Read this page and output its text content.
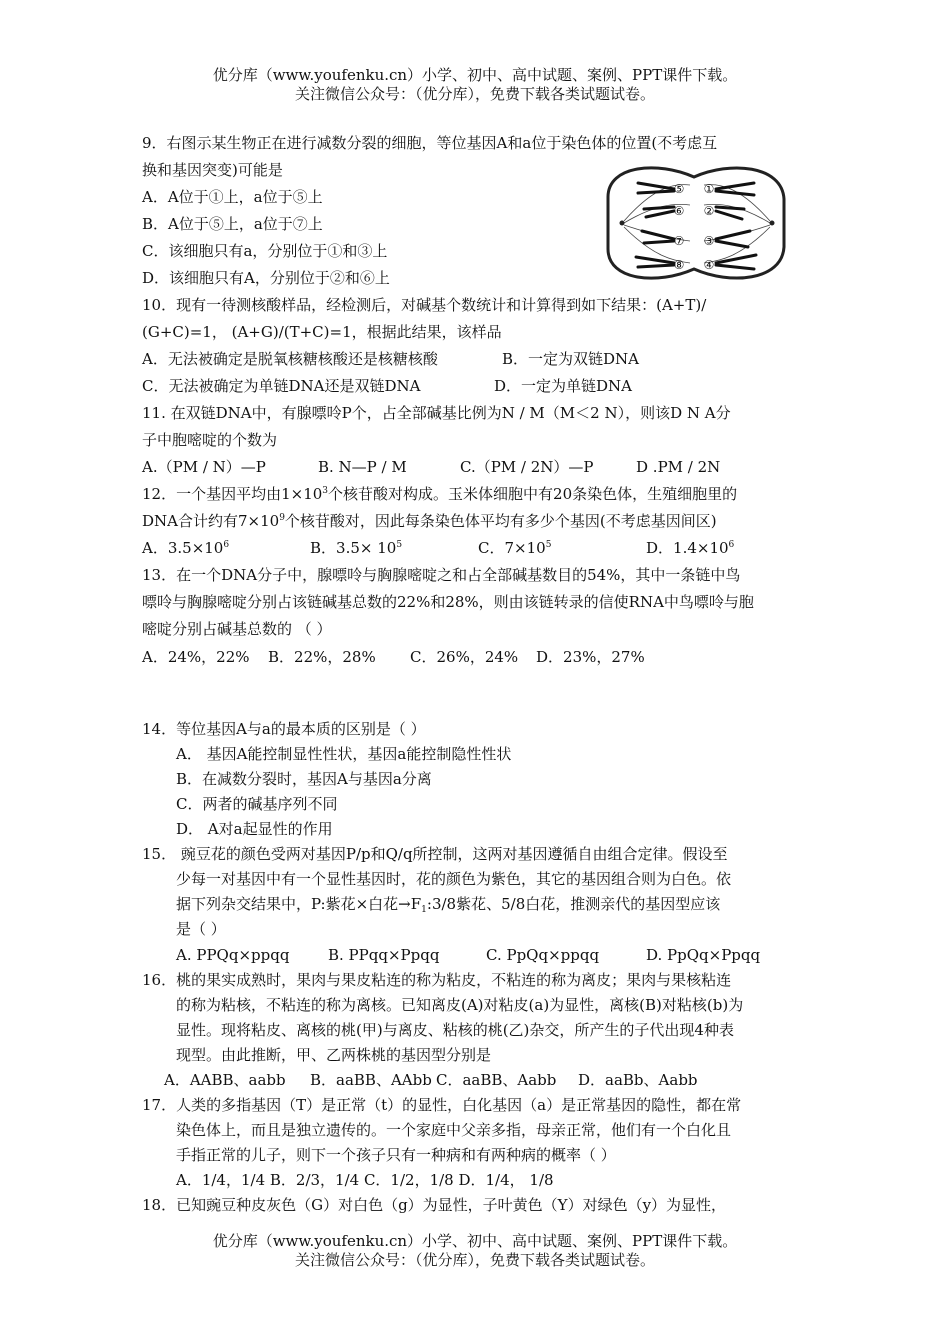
优分库（www.youfenku.cn）小学、初中、高中试题、案例、PPT课件下载。
关注微信公众号：（优分库），免费下载各类试题试卷。
9．右图示某生物正在进行减数分裂的细胞，等位基因A和a位于染色体的位置(不考虑互
换和基因突变)可能是
A．A位于①上，a位于⑤上
B．A位于⑤上，a位于⑦上
C．该细胞只有a，分别位于①和③上
D．该细胞只有A，分别位于②和⑥上
⑤ ①
⑥ ②
⑦ ③
⑧ ④
10．现有一待测核酸样品，经检测后，对碱基个数统计和计算得到如下结果：(A+T)/
(G+C)=1， (A+G)/(T+C)=1，根据此结果，该样品
A．无法被确定是脱氧核糖核酸还是核糖核酸	B．一定为双链DNA
C．无法被确定为单链DNA还是双链DNA	D．一定为单链DNA
11. 在双链DNA中，有腺嘌呤P个，占全部碱基比例为N / M（M＜2 N），则该D N A分
子中胞嘧啶的个数为
A.（PM / N）—P	B. N—P / M	C.（PM / 2N）—P	D .PM / 2N
12．一个基因平均由$1\times 10^3$个核苷酸对构成。玉米体细胞中有20条染色体，生殖细胞里的
DNA合计约有$7\times 10^9$个核苷酸对，因此每条染色体平均有多少个基因(不考虑基因间区)
A．$3.5\times 10^6$	B．$3.5\times 10^5$	C．$7\times 10^5$	D．$1.4\times 10^6$
13．在一个DNA分子中，腺嘌呤与胸腺嘧啶之和占全部碱基数目的54%，其中一条链中鸟
嘌呤与胸腺嘧啶分别占该链碱基总数的22%和28%，则由该链转录的信使RNA中鸟嘌呤与胞
嘧啶分别占碱基总数的 （ ）
A．24%，22% B．22%，28% C．26%，24% D．23%，27%
14．等位基因A与a的最本质的区别是（ ）
A． 基因A能控制显性性状，基因a能控制隐性性状
B．在减数分裂时，基因A与基因a分离
C．两者的碱基序列不同
D． A对a起显性的作用
15． 豌豆花的颜色受两对基因P/p和Q/q所控制，这两对基因遵循自由组合定律。假设至
少每一对基因中有一个显性基因时，花的颜色为紫色，其它的基因组合则为白色。依
据下列杂交结果中，P:紫花×白花$\to F_1:3/8$紫花、5/8白花，推测亲代的基因型应该
是（ ）
A. PPQq×ppqq	B. PPqq×Ppqq	C. PpQq×ppqq	D. PpQq×Ppqq
16．桃的果实成熟时，果肉与果皮粘连的称为粘皮，不粘连的称为离皮；果肉与果核粘连
的称为粘核，不粘连的称为离核。已知离皮(A)对粘皮(a)为显性，离核(B)对粘核(b)为
显性。现将粘皮、离核的桃(甲)与离皮、粘核的桃(乙)杂交，所产生的子代出现4种表
现型。由此推断，甲、乙两株桃的基因型分别是
A．AABB、aabb B．aaBB、AAbb C．aaBB、Aabb D．aaBb、Aabb
17．人类的多指基因（T）是正常（t）的显性，白化基因（a）是正常基因的隐性，都在常
染色体上，而且是独立遗传的。一个家庭中父亲多指，母亲正常，他们有一个白化且
手指正常的儿子，则下一个孩子只有一种病和有两种病的概率（ ）
A．1/4，1/4 B．2/3，1/4 C．1/2，1/8 D．1/4， 1/8
18．已知豌豆种皮灰色（G）对白色（g）为显性，子叶黄色（Y）对绿色（y）为显性，
优分库（www.youfenku.cn）小学、初中、高中试题、案例、PPT课件下载。
关注微信公众号：（优分库），免费下载各类试题试卷。
